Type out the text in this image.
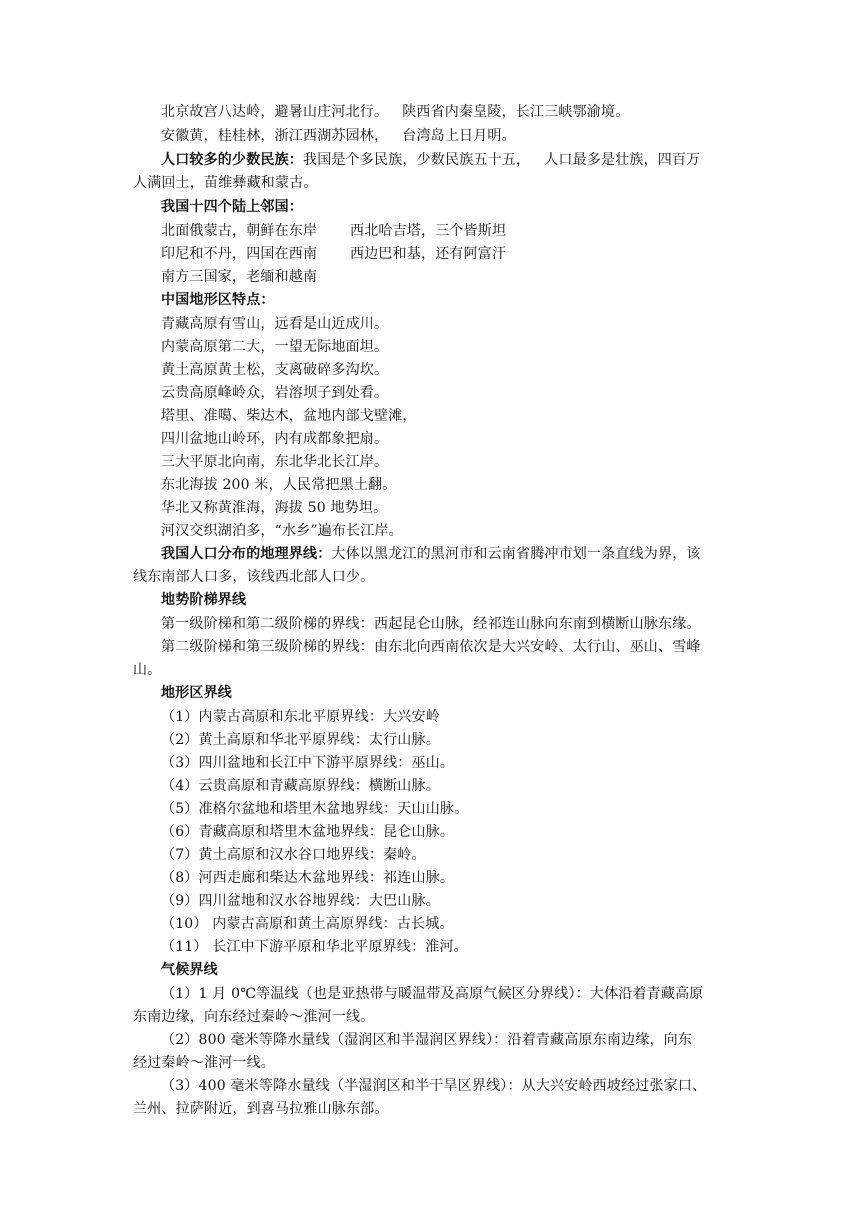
北京故宫八达岭，避暑山庄河北行。 陕西省内秦皇陵，长江三峡鄂渝境。
安徽黄，桂桂林，浙江西湖苏园林， 台湾岛上日月明。
人口较多的少数民族：我国是个多民族，少数民族五十五， 人口最多是壮族，四百万
人满回土，苗维彝藏和蒙古。
我国十四个陆上邻国：
北面俄蒙古，朝鲜在东岸 西北哈吉塔，三个皆斯坦
印尼和不丹，四国在西南 西边巴和基，还有阿富汗
南方三国家，老缅和越南
中国地形区特点：
青藏高原有雪山，远看是山近成川。
内蒙高原第二大，一望无际地面坦。
黄土高原黄土松，支离破碎多沟坎。
云贵高原峰岭众，岩溶坝子到处看。
塔里、准噶、柴达木，盆地内部戈壁滩，
四川盆地山岭环，内有成都象把扇。
三大平原北向南，东北华北长江岸。
东北海拔 200 米，人民常把黑土翻。
华北又称黄淮海，海拔 50 地势坦。
河汉交织湖泊多，“水乡”遍布长江岸。
我国人口分布的地理界线：大体以黑龙江的黑河市和云南省腾冲市划一条直线为界，该
线东南部人口多，该线西北部人口少。
地势阶梯界线
第一级阶梯和第二级阶梯的界线：西起昆仑山脉，经祁连山脉向东南到横断山脉东缘。
第二级阶梯和第三级阶梯的界线：由东北向西南依次是大兴安岭、太行山、巫山、雪峰
山。
地形区界线
（1）内蒙古高原和东北平原界线：大兴安岭
（2）黄土高原和华北平原界线：太行山脉。
（3）四川盆地和长江中下游平原界线：巫山。
（4）云贵高原和青藏高原界线：横断山脉。
（5）准格尔盆地和塔里木盆地界线：天山山脉。
（6）青藏高原和塔里木盆地界线：昆仑山脉。
（7）黄土高原和汉水谷口地界线：秦岭。
（8）河西走廊和柴达木盆地界线：祁连山脉。
（9）四川盆地和汉水谷地界线：大巴山脉。
（10） 内蒙古高原和黄土高原界线：古长城。
（11） 长江中下游平原和华北平原界线：淮河。
气候界线
（1）1 月 0℃等温线（也是亚热带与暖温带及高原气候区分界线）：大体沿着青藏高原
东南边缘，向东经过秦岭～淮河一线。
（2）800 毫米等降水量线（湿润区和半湿润区界线）：沿着青藏高原东南边缘，向东
经过秦岭～淮河一线。
（3）400 毫米等降水量线（半湿润区和半干旱区界线）：从大兴安岭西坡经过张家口、
兰州、拉萨附近，到喜马拉雅山脉东部。
